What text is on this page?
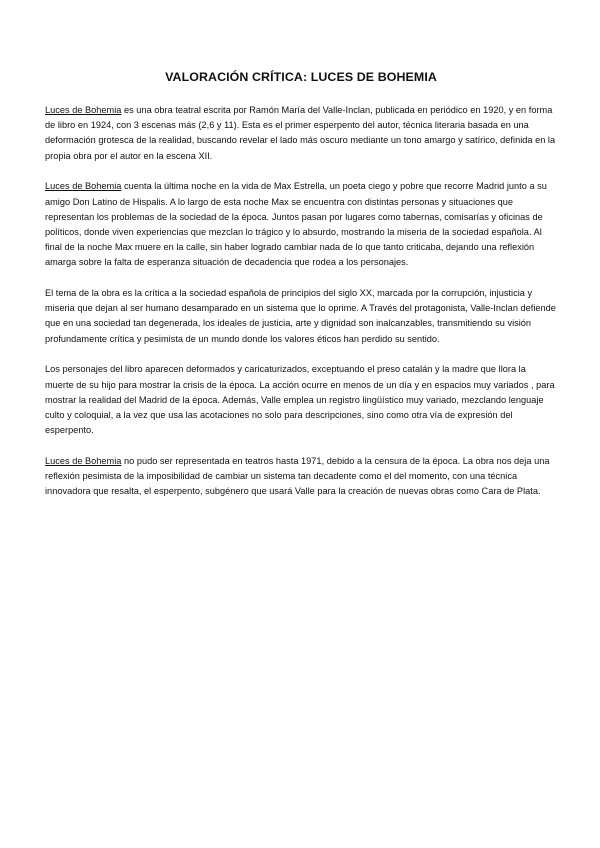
VALORACIÓN CRÍTICA: LUCES DE BOHEMIA

Luces de Bohemia es una obra teatral escrita por Ramón María del Valle-Inclan, publicada en periódico en 1920, y en forma de libro en 1924, con 3 escenas más (2,6 y 11). Esta es el primer esperpento del autor, técnica literaria basada en una deformación grotesca de la realidad, buscando revelar el lado más oscuro mediante un tono amargo y satírico, definida en la propia obra por el autor en la escena XII.

Luces de Bohemia cuenta la última noche en la vida de Max Estrella, un poeta ciego y pobre que recorre Madrid junto a su amigo Don Latino de Hispalis. A lo largo de esta noche Max se encuentra con distintas personas y situaciones que representan los problemas de la sociedad de la época. Juntos pasan por lugares como tabernas, comisarías y oficinas de políticos, donde viven experiencias que mezclan lo trágico y lo absurdo, mostrando la miseria de la sociedad española. Al final de la noche Max muere en la calle, sin haber logrado cambiar nada de lo que tanto criticaba, dejando una reflexión amarga sobre la falta de esperanza situación de decadencia que rodea a los personajes.

El tema de la obra es la crítica a la sociedad española de principios del siglo XX, marcada por la corrupción, injusticia y miseria que dejan al ser humano desamparado en un sistema que lo oprime. A Través del protagonista, Valle-Inclan defiende que en una sociedad tan degenerada, los ideales de justicia, arte y dignidad son inalcanzables, transmitiendo su visión profundamente crítica y pesimista de un mundo donde los valores éticos han perdido su sentido.

Los personajes del libro aparecen deformados y caricaturizados, exceptuando el preso catalán y la madre que llora la muerte de su hijo para mostrar la crisis de la época. La acción ocurre en menos de un día y en espacios muy variados , para mostrar la realidad del Madrid de la época. Además, Valle emplea un registro lingüístico muy variado, mezclando lenguaje culto y coloquial, a la vez que usa las acotaciones no solo para descripciones, sino como otra vía de expresión del esperpento.

Luces de Bohemia no pudo ser representada en teatros hasta 1971, debido a la censura de la época. La obra nos deja una reflexión pesimista de la imposibilidad de cambiar un sistema tan decadente como el del momento, con una técnica innovadora que resalta, el esperpento, subgénero que usará Valle para la creación de nuevas obras como Cara de Plata.
